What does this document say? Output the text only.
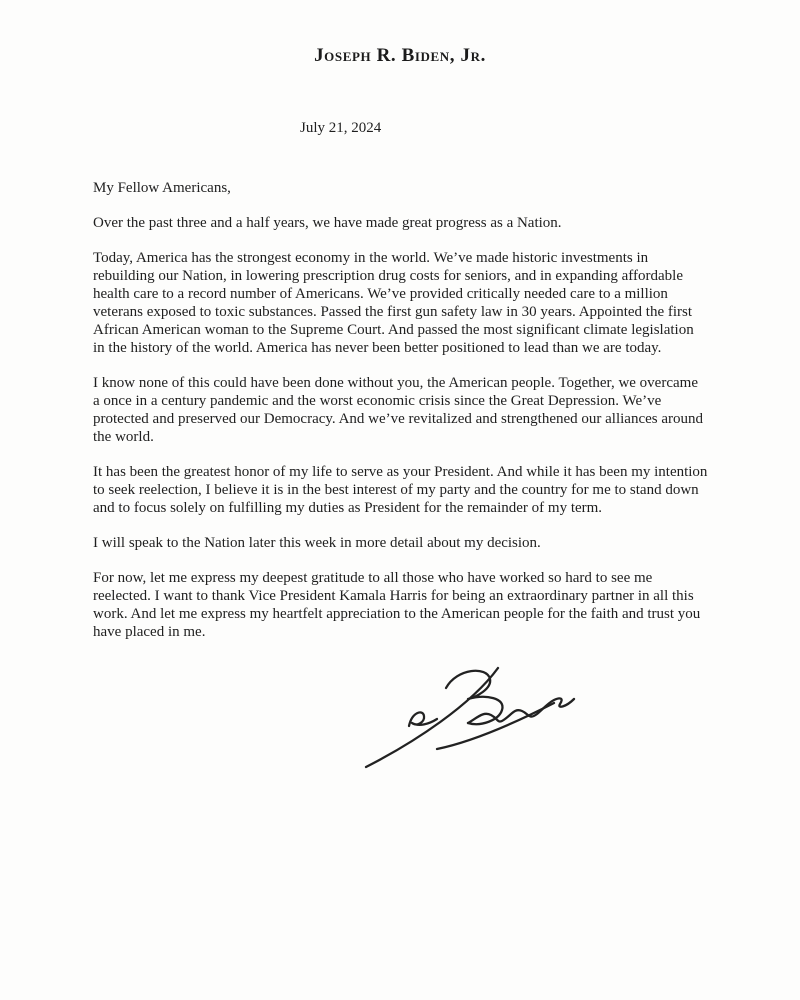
Joseph R. Biden, Jr.
July 21, 2024

My Fellow Americans,

Over the past three and a half years, we have made great progress as a Nation.

Today, America has the strongest economy in the world. We’ve made historic investments in rebuilding our Nation, in lowering prescription drug costs for seniors, and in expanding affordable health care to a record number of Americans. We’ve provided critically needed care to a million veterans exposed to toxic substances. Passed the first gun safety law in 30 years. Appointed the first African American woman to the Supreme Court. And passed the most significant climate legislation in the history of the world. America has never been better positioned to lead than we are today.

I know none of this could have been done without you, the American people. Together, we overcame a once in a century pandemic and the worst economic crisis since the Great Depression. We’ve protected and preserved our Democracy. And we’ve revitalized and strengthened our alliances around the world.

It has been the greatest honor of my life to serve as your President. And while it has been my intention to seek reelection, I believe it is in the best interest of my party and the country for me to stand down and to focus solely on fulfilling my duties as President for the remainder of my term.

I will speak to the Nation later this week in more detail about my decision.

For now, let me express my deepest gratitude to all those who have worked so hard to see me reelected. I want to thank Vice President Kamala Harris for being an extraordinary partner in all this work. And let me express my heartfelt appreciation to the American people for the faith and trust you have placed in me.
